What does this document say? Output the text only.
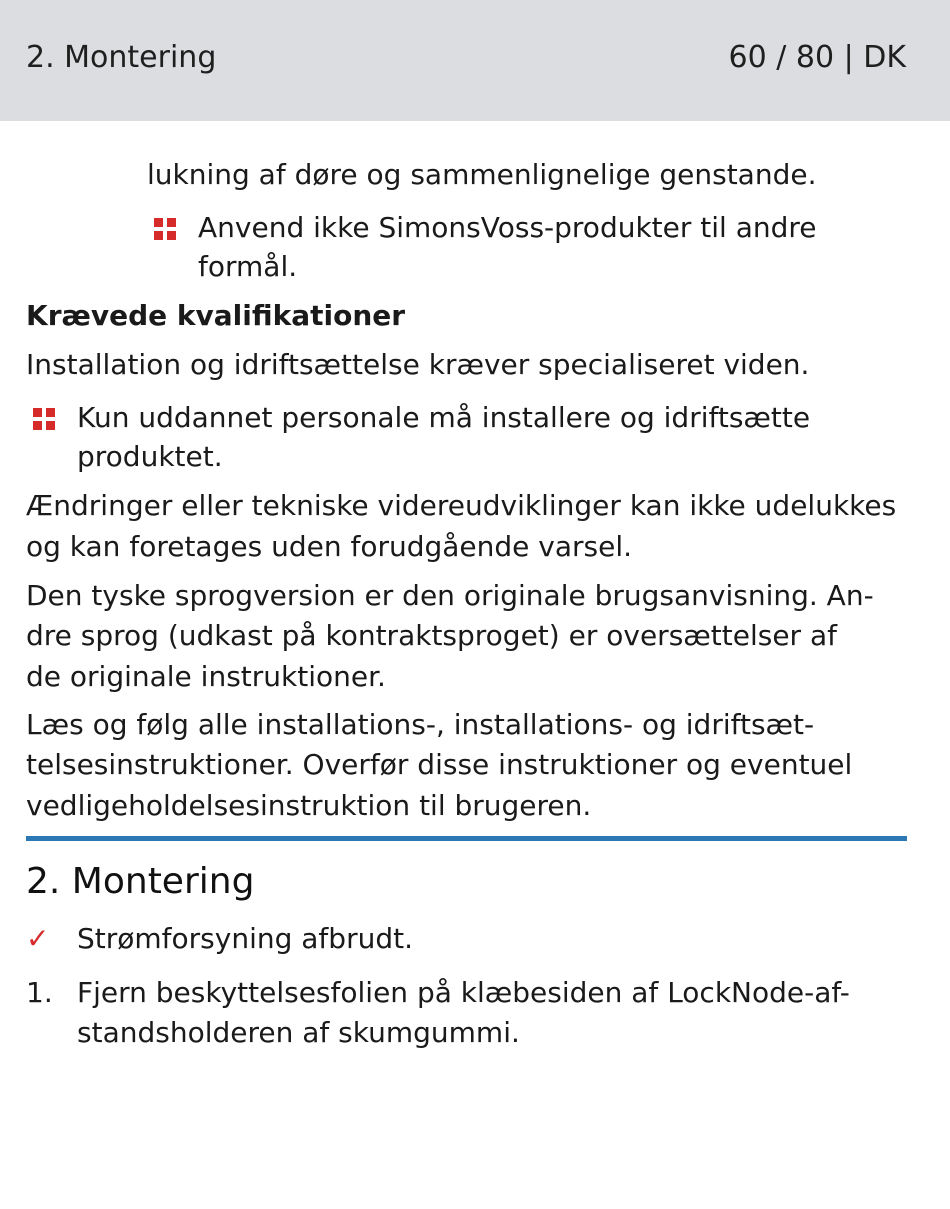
2. Montering	60 / 80 | DK
lukning af døre og sammenlignelige genstande.
Anvend ikke SimonsVoss-produkter til andre
formål.
Krævede kvalifikationer
Installation og idriftsættelse kræver specialiseret viden.
Kun uddannet personale må installere og idriftsætte
produktet.
Ændringer eller tekniske videreudviklinger kan ikke udelukkes
og kan foretages uden forudgående varsel.
Den tyske sprogversion er den originale brugsanvisning. An-
dre sprog (udkast på kontraktsproget) er oversættelser af
de originale instruktioner.
Læs og følg alle installations-, installations- og idriftsæt-
telsesinstruktioner. Overfør disse instruktioner og eventuel
vedligeholdelsesinstruktion til brugeren.
2. Montering
✓ Strømforsyning afbrudt.
1. Fjern beskyttelsesfolien på klæbesiden af LockNode-af-
standsholderen af skumgummi.
